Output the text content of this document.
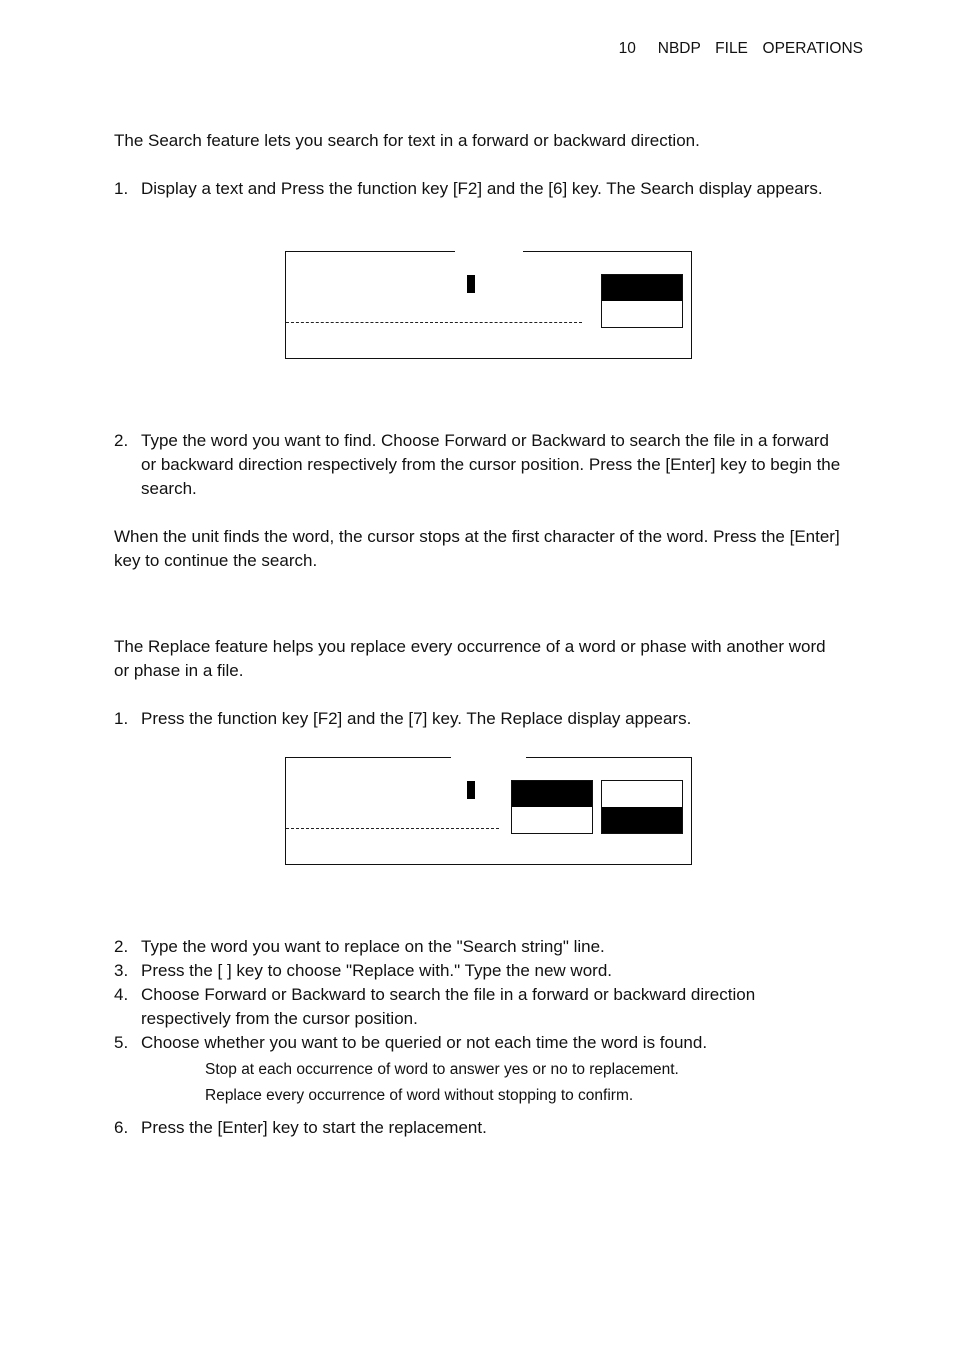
10   NBDP  FILE  OPERATIONS
The Search feature lets you search for text in a forward or backward direction.
1. Display a text and Press the function key [F2] and the [6] key. The Search display appears.
2. Type the word you want to find. Choose Forward or Backward to search the file in a forward or backward direction respectively from the cursor position. Press the [Enter] key to begin the search.
When the unit finds the word, the cursor stops at the first character of the word. Press the [Enter] key to continue the search.
The Replace feature helps you replace every occurrence of a word or phase with another word or phase in a file.
1. Press the function key [F2] and the [7] key. The Replace display appears.
2. Type the word you want to replace on the "Search string" line.
3. Press the [ ] key to choose "Replace with." Type the new word.
4. Choose Forward or Backward to search the file in a forward or backward direction respectively from the cursor position.
5. Choose whether you want to be queried or not each time the word is found.
Stop at each occurrence of word to answer yes or no to replacement.
Replace every occurrence of word without stopping to confirm.
6. Press the [Enter] key to start the replacement.
